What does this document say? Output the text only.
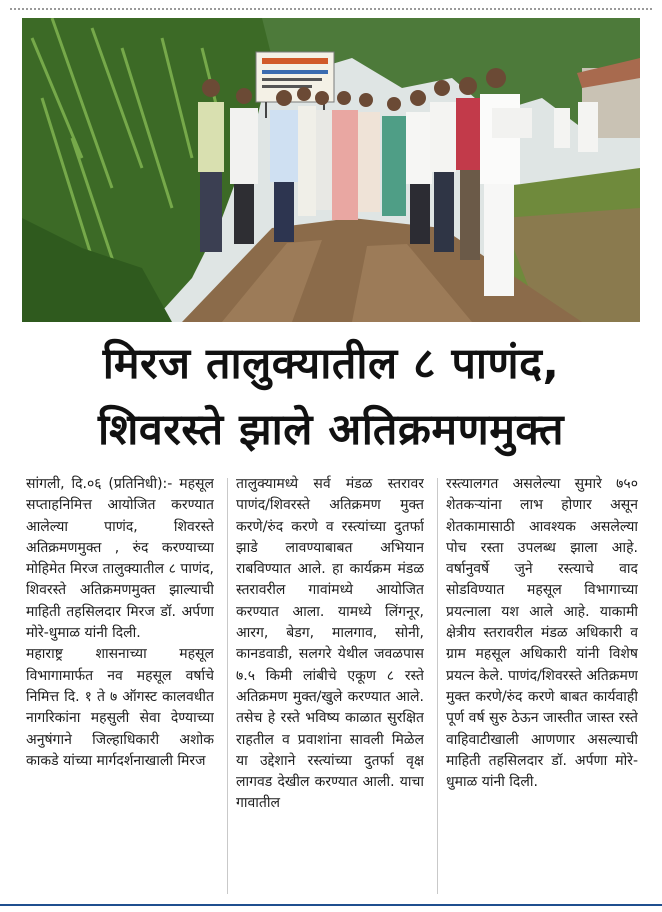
मिरज तालुक्यातील ८ पाणंद,
शिवरस्ते झाले अतिक्रमणमुक्त

सांगली, दि.०६ (प्रतिनिधी):- महसूल सप्ताहनिमित्त आयोजित करण्यात आलेल्या पाणंद, शिवरस्ते अतिक्रमणमुक्त , रुंद करण्याच्या मोहिमेत मिरज तालुक्यातील ८ पाणंद, शिवरस्ते अतिक्रमणमुक्त झाल्याची माहिती तहसिलदार मिरज डॉ. अर्पणा मोरे-धुमाळ यांनी दिली.

महाराष्ट्र शासनाच्या महसूल विभागामार्फत नव महसूल वर्षाचे निमित्त दि. १ ते ७ ऑगस्ट कालवधीत नागरिकांना महसुली सेवा देण्याच्या अनुषंगाने जिल्हाधिकारी अशोक काकडे यांच्या मार्गदर्शनाखाली मिरज

तालुक्यामध्ये सर्व मंडळ स्तरावर पाणंद/शिवरस्ते अतिक्रमण मुक्त करणे/रुंद करणे व रस्त्यांच्या दुतर्फा झाडे लावण्याबाबत अभियान राबविण्यात आले. हा कार्यक्रम मंडळ स्तरावरील गावांमध्ये आयोजित करण्यात आला. यामध्ये लिंगनूर, आरग, बेडग, मालगाव, सोनी, कानडवाडी, सलगरे येथील जवळपास ७.५ किमी लांबीचे एकूण ८ रस्ते अतिक्रमण मुक्त/खुले करण्यात आले. तसेच हे रस्ते भविष्य काळात सुरक्षित राहतील व प्रवाशांना सावली मिळेल या उद्देशाने रस्त्यांच्या दुतर्फा वृक्ष लागवड देखील करण्यात आली. याचा गावातील

रस्त्यालगत असलेल्या सुमारे ७५० शेतकऱ्यांना लाभ होणार असून शेतकामासाठी आवश्यक असलेल्या पोच रस्ता उपलब्ध झाला आहे. वर्षानुवर्षे जुने रस्त्याचे वाद सोडविण्यात महसूल विभागाच्या प्रयत्नाला यश आले आहे. याकामी क्षेत्रीय स्तरावरील मंडळ अधिकारी व ग्राम महसूल अधिकारी यांनी विशेष प्रयत्न केले. पाणंद/शिवरस्ते अतिक्रमण मुक्त करणे/रुंद करणे बाबत कार्यवाही पूर्ण वर्ष सुरु ठेऊन जास्तीत जास्त रस्ते वाहिवाटीखाली आणणार असल्याची माहिती तहसिलदार डॉ. अर्पणा मोरे-धुमाळ यांनी दिली.
